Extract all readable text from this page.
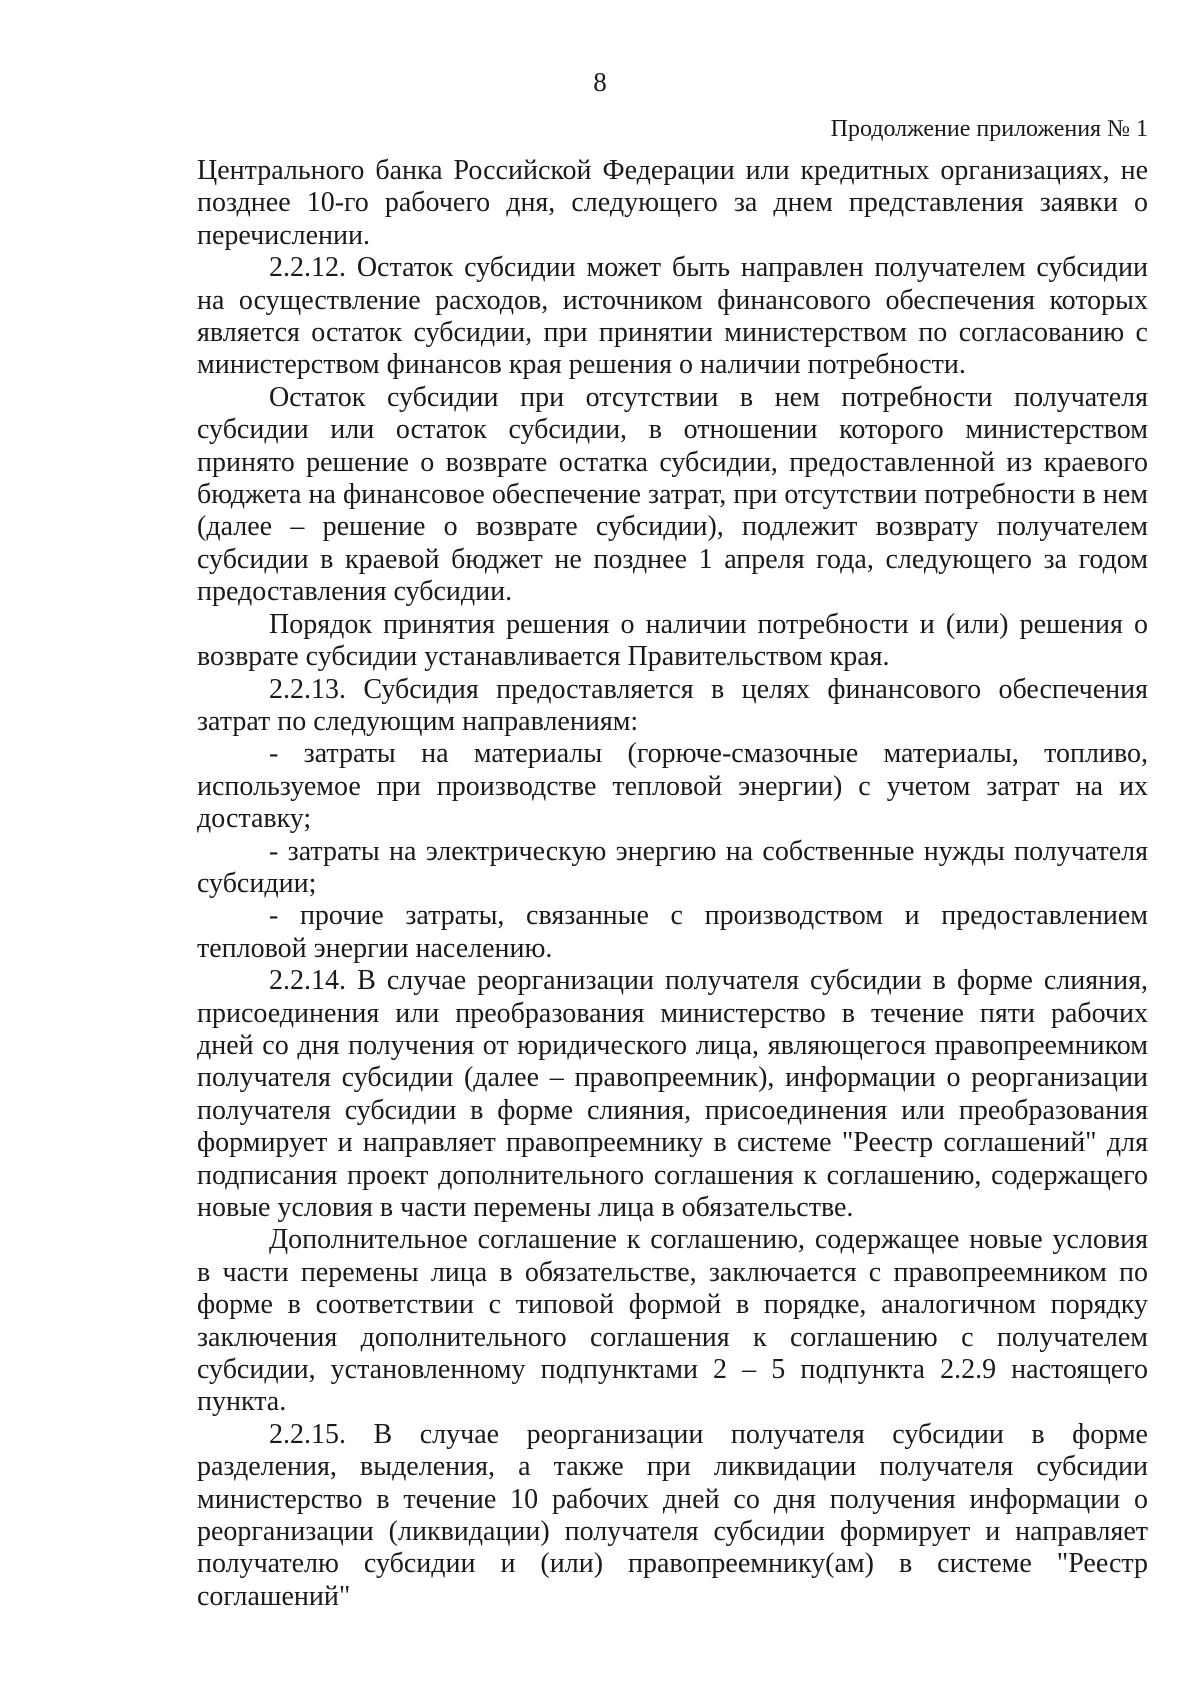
8
Продолжение приложения № 1

Центрального банка Российской Федерации или кредитных организациях, не позднее 10-го рабочего дня, следующего за днем представления заявки о перечислении.

2.2.12. Остаток субсидии может быть направлен получателем субсидии на осуществление расходов, источником финансового обеспечения которых является остаток субсидии, при принятии министерством по согласованию с министерством финансов края решения о наличии потребности.

Остаток субсидии при отсутствии в нем потребности получателя субсидии или остаток субсидии, в отношении которого министерством принято решение о возврате остатка субсидии, предоставленной из краевого бюджета на финансовое обеспечение затрат, при отсутствии потребности в нем (далее – решение о возврате субсидии), подлежит возврату получателем субсидии в краевой бюджет не позднее 1 апреля года, следующего за годом предоставления субсидии.

Порядок принятия решения о наличии потребности и (или) решения о возврате субсидии устанавливается Правительством края.

2.2.13. Субсидия предоставляется в целях финансового обеспечения затрат по следующим направлениям:

- затраты на материалы (горюче-смазочные материалы, топливо, используемое при производстве тепловой энергии) с учетом затрат на их доставку;

- затраты на электрическую энергию на собственные нужды получателя субсидии;

- прочие затраты, связанные с производством и предоставлением тепловой энергии населению.

2.2.14. В случае реорганизации получателя субсидии в форме слияния, присоединения или преобразования министерство в течение пяти рабочих дней со дня получения от юридического лица, являющегося правопреемником получателя субсидии (далее – правопреемник), информации о реорганизации получателя субсидии в форме слияния, присоединения или преобразования формирует и направляет правопреемнику в системе "Реестр соглашений" для подписания проект дополнительного соглашения к соглашению, содержащего новые условия в части перемены лица в обязательстве.

Дополнительное соглашение к соглашению, содержащее новые условия в части перемены лица в обязательстве, заключается с правопреемником по форме в соответствии с типовой формой в порядке, аналогичном порядку заключения дополнительного соглашения к соглашению с получателем субсидии, установленному подпунктами 2 – 5 подпункта 2.2.9 настоящего пункта.

2.2.15. В случае реорганизации получателя субсидии в форме разделения, выделения, а также при ликвидации получателя субсидии министерство в течение 10 рабочих дней со дня получения информации о реорганизации (ликвидации) получателя субсидии формирует и направляет получателю субсидии и (или) правопреемнику(ам) в системе "Реестр соглашений"
